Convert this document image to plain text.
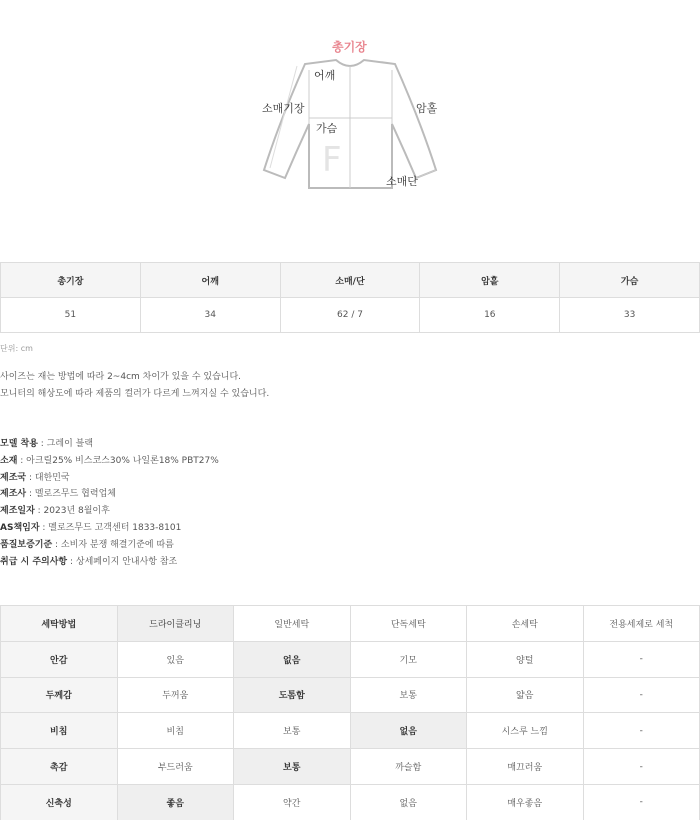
총기장
어깨
소매기장	암홀
가슴
F
소매단
총기장	어깨	소매/단	암홀	가슴
51	34	62 / 7	16	33
단위: cm
사이즈는 재는 방법에 따라 2~4cm 차이가 있을 수 있습니다.
모니터의 해상도에 따라 제품의 컬러가 다르게 느껴지실 수 있습니다.
모델 착용 : 그레이 블랙
소재 : 아크릴25% 비스코스30% 나일론18% PBT27%
제조국 : 대한민국
제조사 : 멜로즈무드 협력업체
제조일자 : 2023년 8월이후
AS책임자 : 멜로즈무드 고객센터 1833-8101
품질보증기준 : 소비자 분쟁 해결기준에 따름
취급 시 주의사항 : 상세페이지 안내사항 참조
세탁방법	드라이클리닝	일반세탁	단독세탁	손세탁	전용세제로 세척
안감	있음	없음	기모	양털	-
두께감	두꺼움	도톰함	보통	얇음	-
비침	비침	보통	없음	시스루 느낌	-
촉감	부드러움	보통	까슬함	매끄러움	-
신축성	좋음	약간	없음	매우좋음	-
